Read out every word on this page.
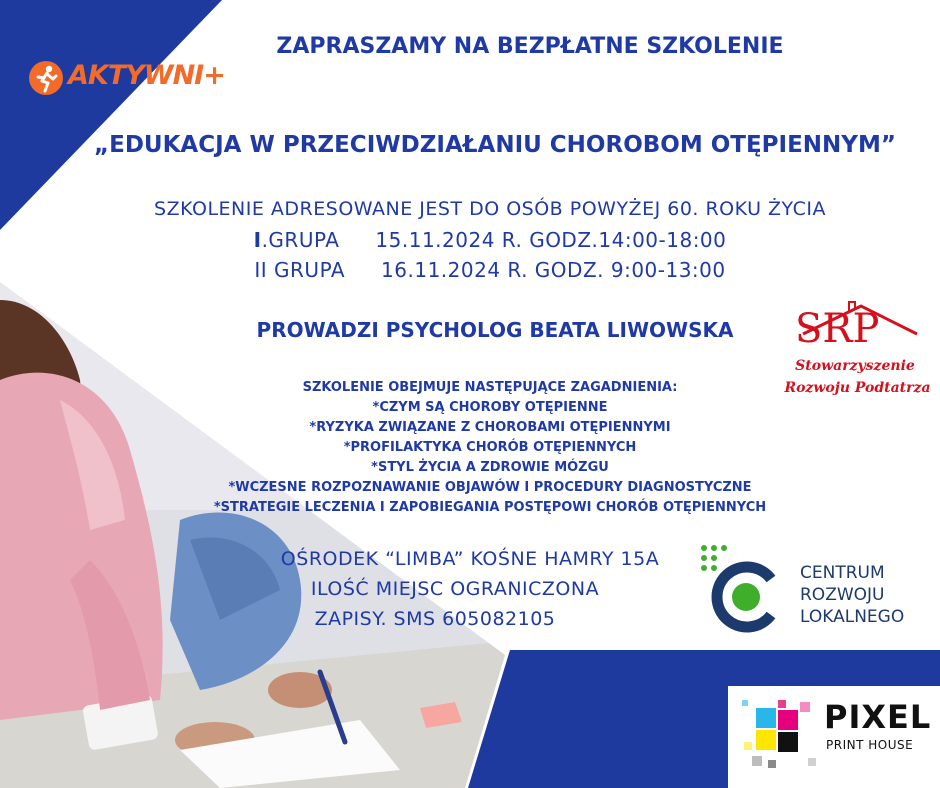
ZAPRASZAMY NA BEZPŁATNE SZKOLENIE
AKTYWNI+
„EDUKACJA W PRZECIWDZIAŁANIU CHOROBOM OTĘPIENNYM”
SZKOLENIE ADRESOWANE JEST DO OSÓB POWYŻEJ 60. ROKU ŻYCIA
I.GRUPA 15.11.2024 R. GODZ.14:00-18:00
II GRUPA 16.11.2024 R. GODZ. 9:00-13:00
PROWADZI PSYCHOLOG BEATA LIWOWSKA	SRP
Stowarzyszenie
Rozwoju Podtatrza
SZKOLENIE OBEJMUJE NASTĘPUJĄCE ZAGADNIENIA:
*CZYM SĄ CHOROBY OTĘPIENNE
*RYZYKA ZWIĄZANE Z CHOROBAMI OTĘPIENNYMI
*PROFILAKTYKA CHORÓB OTĘPIENNYCH
*STYL ŻYCIA A ZDROWIE MÓZGU
*WCZESNE ROZPOZNAWANIE OBJAWÓW I PROCEDURY DIAGNOSTYCZNE
*STRATEGIE LECZENIA I ZAPOBIEGANIA POSTĘPOWI CHORÓB OTĘPIENNYCH
OŚRODEK “LIMBA” KOŚNE HAMRY 15A
ILOŚĆ MIEJSC OGRANICZONA
ZAPISY. SMS 605082105
CENTRUM
ROZWOJU
LOKALNEGO
PIXEL
PRINT HOUSE
